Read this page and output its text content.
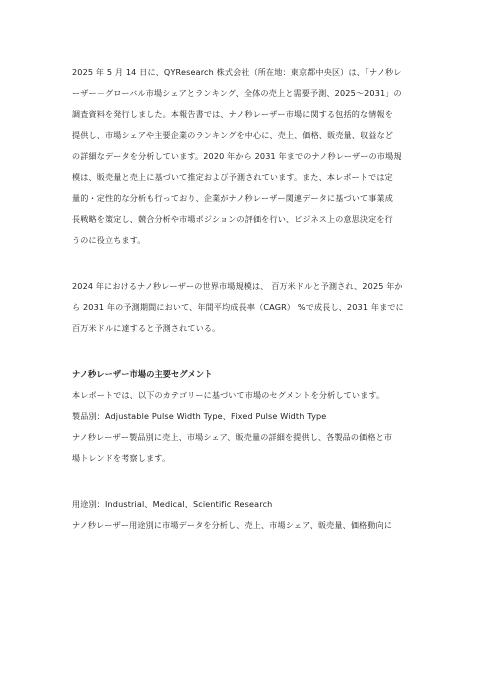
2025 年 5 月 14 日に、QYResearch 株式会社（所在地：東京都中央区）は、「ナノ秒レ
ーザー－グローバル市場シェアとランキング、全体の売上と需要予測、2025～2031」の
調査資料を発行しました。本報告書では、ナノ秒レーザー市場に関する包括的な情報を
提供し、市場シェアや主要企業のランキングを中心に、売上、価格、販売量、収益など
の詳細なデータを分析しています。2020 年から 2031 年までのナノ秒レーザーの市場規
模は、販売量と売上に基づいて推定および予測されています。また、本レポートでは定
量的・定性的な分析も行っており、企業がナノ秒レーザー関連データに基づいて事業成
長戦略を策定し、競合分析や市場ポジションの評価を行い、ビジネス上の意思決定を行
うのに役立ちます。

2024 年におけるナノ秒レーザーの世界市場規模は、 百万米ドルと予測され、2025 年か
ら 2031 年の予測期間において、年間平均成長率（CAGR） %で成長し、2031 年までに
百万米ドルに達すると予測されている。

ナノ秒レーザー市場の主要セグメント

本レポートでは、以下のカテゴリーに基づいて市場のセグメントを分析しています。
製品別：Adjustable Pulse Width Type、Fixed Pulse Width Type
ナノ秒レーザー製品別に売上、市場シェア、販売量の詳細を提供し、各製品の価格と市
場トレンドを考察します。

用途別：Industrial、Medical、Scientific Research
ナノ秒レーザー用途別に市場データを分析し、売上、市場シェア、販売量、価格動向に
